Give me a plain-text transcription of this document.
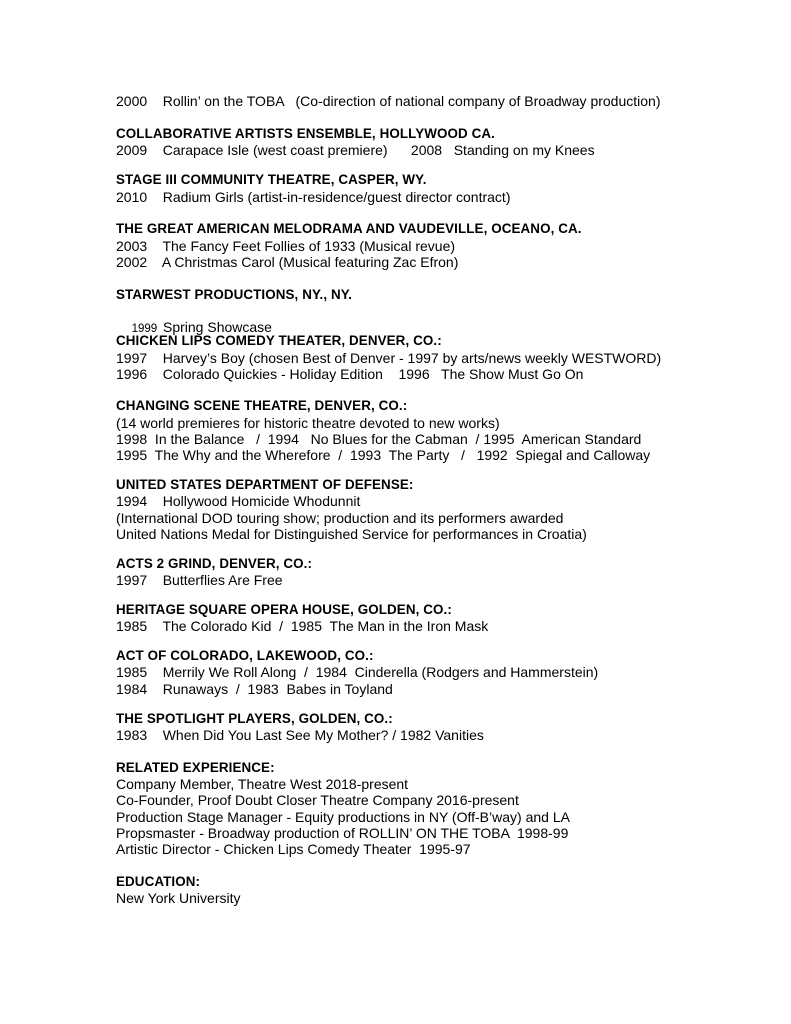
2000    Rollin’ on the TOBA   (Co-direction of national company of Broadway production)
COLLABORATIVE ARTISTS ENSEMBLE, HOLLYWOOD CA.
2009    Carapace Isle (west coast premiere)      2008   Standing on my Knees
STAGE III COMMUNITY THEATRE, CASPER, WY.
2010    Radium Girls (artist-in-residence/guest director contract)
THE GREAT AMERICAN MELODRAMA AND VAUDEVILLE, OCEANO, CA.
2003    The Fancy Feet Follies of 1933 (Musical revue)
2002    A Christmas Carol (Musical featuring Zac Efron)
STARWEST PRODUCTIONS, NY., NY.

1999 Spring Showcase

CHICKEN LIPS COMEDY THEATER, DENVER, CO.:
1997    Harvey’s Boy (chosen Best of Denver - 1997 by arts/news weekly WESTWORD)
1996    Colorado Quickies - Holiday Edition    1996   The Show Must Go On
CHANGING SCENE THEATRE, DENVER, CO.:
(14 world premieres for historic theatre devoted to new works)
1998  In the Balance   /  1994   No Blues for the Cabman  / 1995  American Standard
1995  The Why and the Wherefore  /  1993  The Party   /   1992  Spiegal and Calloway
UNITED STATES DEPARTMENT OF DEFENSE:
1994    Hollywood Homicide Whodunnit
(International DOD touring show; production and its performers awarded
United Nations Medal for Distinguished Service for performances in Croatia)
ACTS 2 GRIND, DENVER, CO.:
1997    Butterflies Are Free
HERITAGE SQUARE OPERA HOUSE, GOLDEN, CO.:
1985    The Colorado Kid  /  1985  The Man in the Iron Mask
ACT OF COLORADO, LAKEWOOD, CO.:
1985    Merrily We Roll Along  /  1984  Cinderella (Rodgers and Hammerstein)
1984    Runaways  /  1983  Babes in Toyland
THE SPOTLIGHT PLAYERS, GOLDEN, CO.:
1983    When Did You Last See My Mother? / 1982 Vanities
RELATED EXPERIENCE:
Company Member, Theatre West 2018-present
Co-Founder, Proof Doubt Closer Theatre Company 2016-present
Production Stage Manager - Equity productions in NY (Off-B’way) and LA
Propsmaster - Broadway production of ROLLIN’ ON THE TOBA  1998-99
Artistic Director - Chicken Lips Comedy Theater  1995-97
EDUCATION:
New York University
